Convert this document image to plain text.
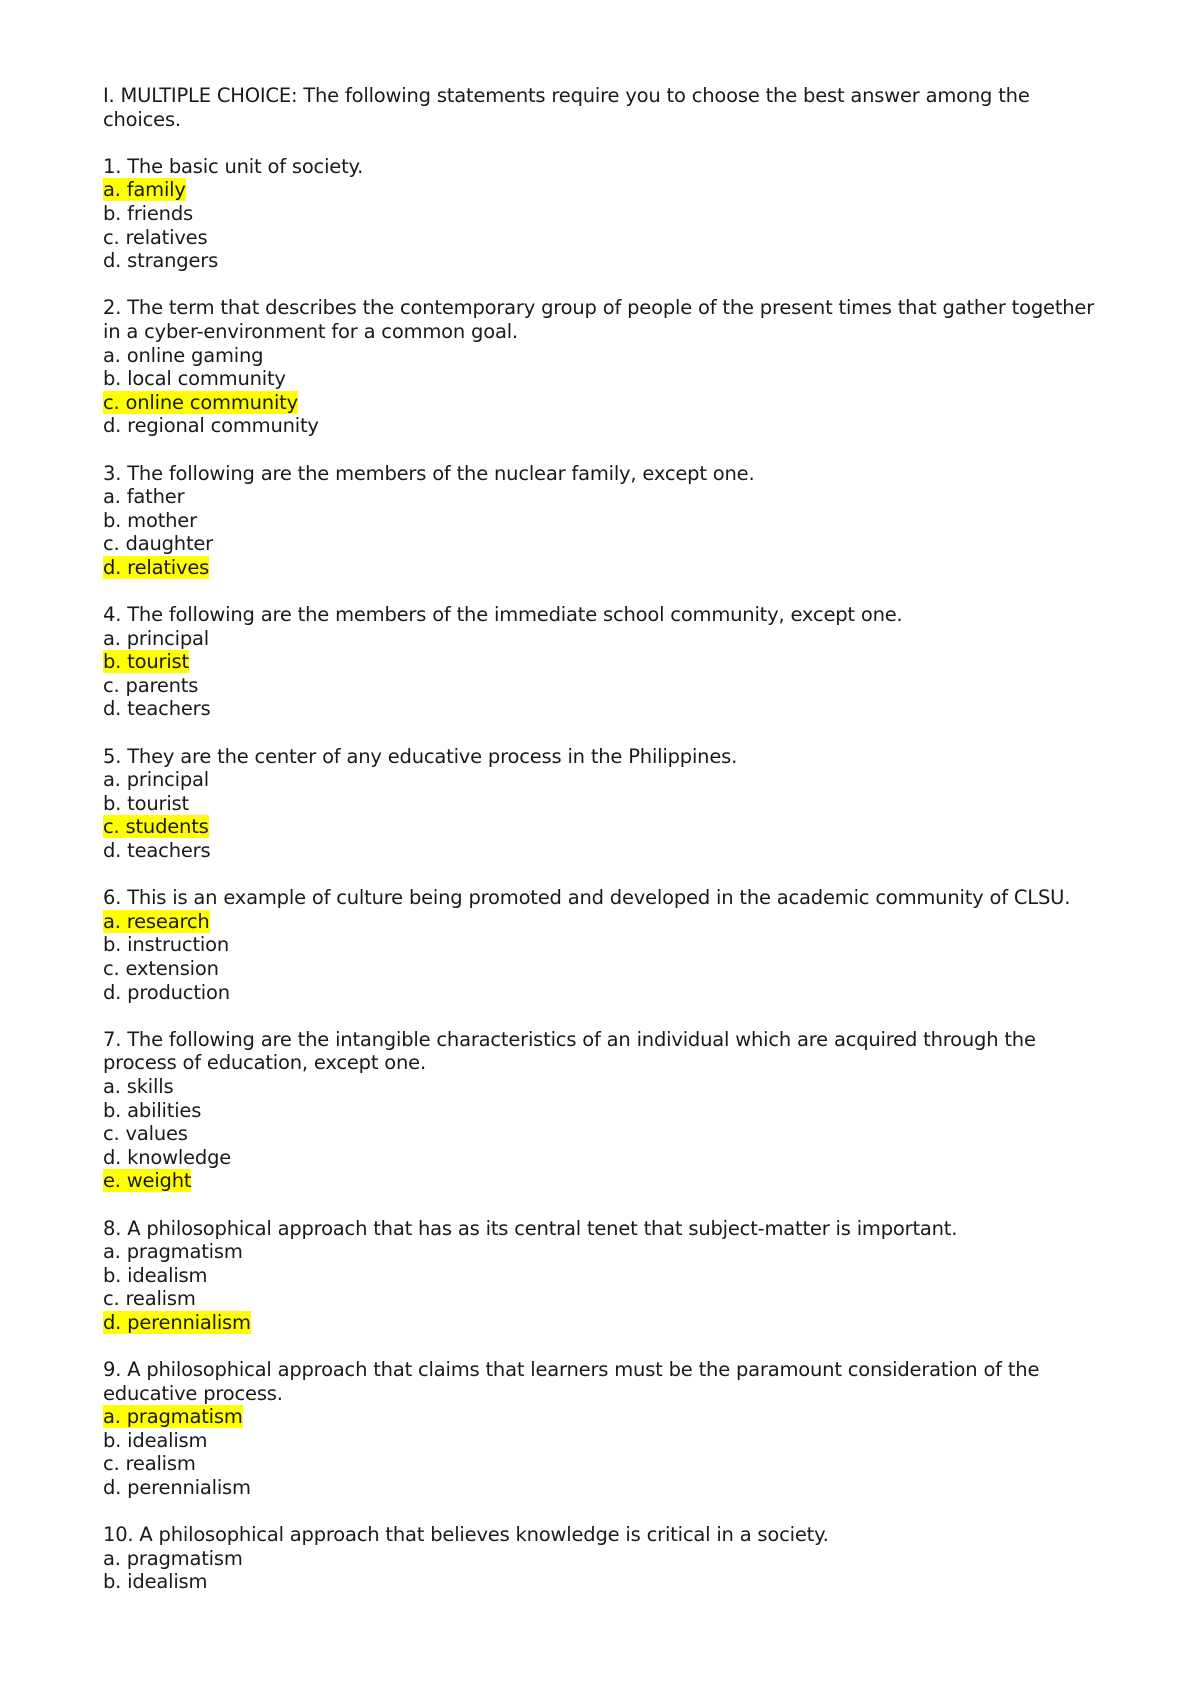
I. MULTIPLE CHOICE: The following statements require you to choose the best answer among the choices.

1. The basic unit of society.

a. family
b. friends
c. relatives
d. strangers

2. The term that describes the contemporary group of people of the present times that gather together in a cyber-environment for a common goal.

a. online gaming
b. local community
c. online community
d. regional community

3. The following are the members of the nuclear family, except one.

a. father
b. mother
c. daughter
d. relatives

4. The following are the members of the immediate school community, except one.

a. principal
b. tourist
c. parents
d. teachers

5. They are the center of any educative process in the Philippines.

a. principal
b. tourist
c. students
d. teachers

6. This is an example of culture being promoted and developed in the academic community of CLSU.

a. research
b. instruction
c. extension
d. production

7. The following are the intangible characteristics of an individual which are acquired through the process of education, except one.

a. skills
b. abilities
c. values
d. knowledge
e. weight

8. A philosophical approach that has as its central tenet that subject-matter is important.

a. pragmatism
b. idealism
c. realism
d. perennialism

9. A philosophical approach that claims that learners must be the paramount consideration of the educative process.

a. pragmatism
b. idealism
c. realism
d. perennialism

10. A philosophical approach that believes knowledge is critical in a society.

a. pragmatism
b. idealism
